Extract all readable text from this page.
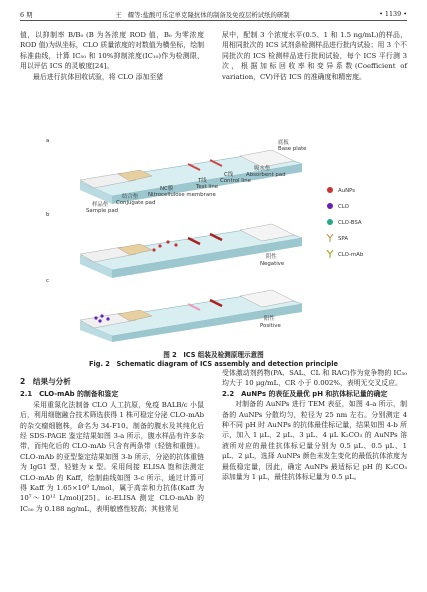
6 期	王　耀等:盐酸可乐定单克隆抗体的制备及免疫层析试纸的研制	• 1139 •

值，以抑制率 B/B₀ (B 为各浓度 ROD 值，B₀ 为零浓度 ROD 值)为纵坐标，CLO 质量浓度的对数值为横坐标，绘制标准曲线，计算 IC₅₀ 和 10%抑制浓度(IC₁₀)作为检测限，用以评估 ICS 的灵敏度[24]。

最后进行抗体回收试验，将 CLO 添加至猪

尿中，配制 3 个浓度水平(0.5、1 和 1.5 ng/mL)的样品，用相同批次的 ICS 试剂条检测样品进行批内试验；用 3 个不同批次的 ICS 检测样品进行批间试验，每个 ICS 平行测 3 次，根据加标回收率和变异系数(Coefficient of variation，CV)评估 ICS 的准确度和精密度。

a
样品垫
Sample pad
结合垫
Conjugate pad
NC膜
Nitrocellulose membrane
T线
Test line
C线
Control line
吸水垫
Absorbent pad
底板
Base plate
b
阴性
Negative
c
阳性
Positive
AuNPs
CLO
CLO-BSA
SPA
CLO-mAb
图 2　ICS 组装及检测原理示意图
Fig. 2　Schematic diagram of ICS assembly and detection principle
2　结果与分析
2.1　CLO-mAb 的制备和鉴定

采用重氮化法制备 CLO 人工抗原，免疫 BALB/c 小鼠后，利用细胞融合技术筛选获得 1 株可稳定分泌 CLO-mAb 的杂交瘤细胞株，命名为 34-F10。制备的腹水及其纯化后经 SDS-PAGE 鉴定结果如图 3-a 所示，腹水样品有许多杂带，而纯化后的 CLO-mAb 只含有两条带（轻链和重链）。CLO-mAb 的亚型鉴定结果如图 3-b 所示，分泌的抗体重链为 IgG1 型，轻链为 κ 型。采用间接 ELISA 饱和法测定 CLO-mAb 的 Kaff，绘制曲线如图 3-c 所示，通过计算可得 Kaff 为 1.65×10⁹ L/mol，属于高亲和力抗体(Kaff 为 10⁷～10¹² L/mol)[25]。ic-ELISA 测定 CLO-mAb 的 IC₅₀ 为 0.188 ng/mL，表明敏感性较高；其他常见

受体激动剂药物(PA、SAL、CL 和 RAC)作为竞争物的 IC₅₀ 均大于 10 μg/mL，CR 小于 0.002%，表明无交叉反应。

2.2　AuNPs 的表征及最优 pH 和抗体标记量的确定

对制备的 AuNPs 进行 TEM 表征，如图 4-a 所示，制备的 AuNPs 分散均匀，粒径为 25 nm 左右。分别测定 4 种不同 pH 时 AuNPs 的抗体最佳标记量，结果如图 4-b 所示，加入 1 μL、2 μL、3 μL、4 μL K₂CO₃ 的 AuNPs 溶液所对应的最佳抗体标记量分别为 0.5 μL、0.5 μL、1 μL、2 μL，选择 AuNPs 颜色未发生变化的最低抗体浓度为最低稳定量，因此，确定 AuNPs 最适标记 pH 的 K₂CO₃ 添加量为 1 μL，最佳抗体标记量为 0.5 μL。
